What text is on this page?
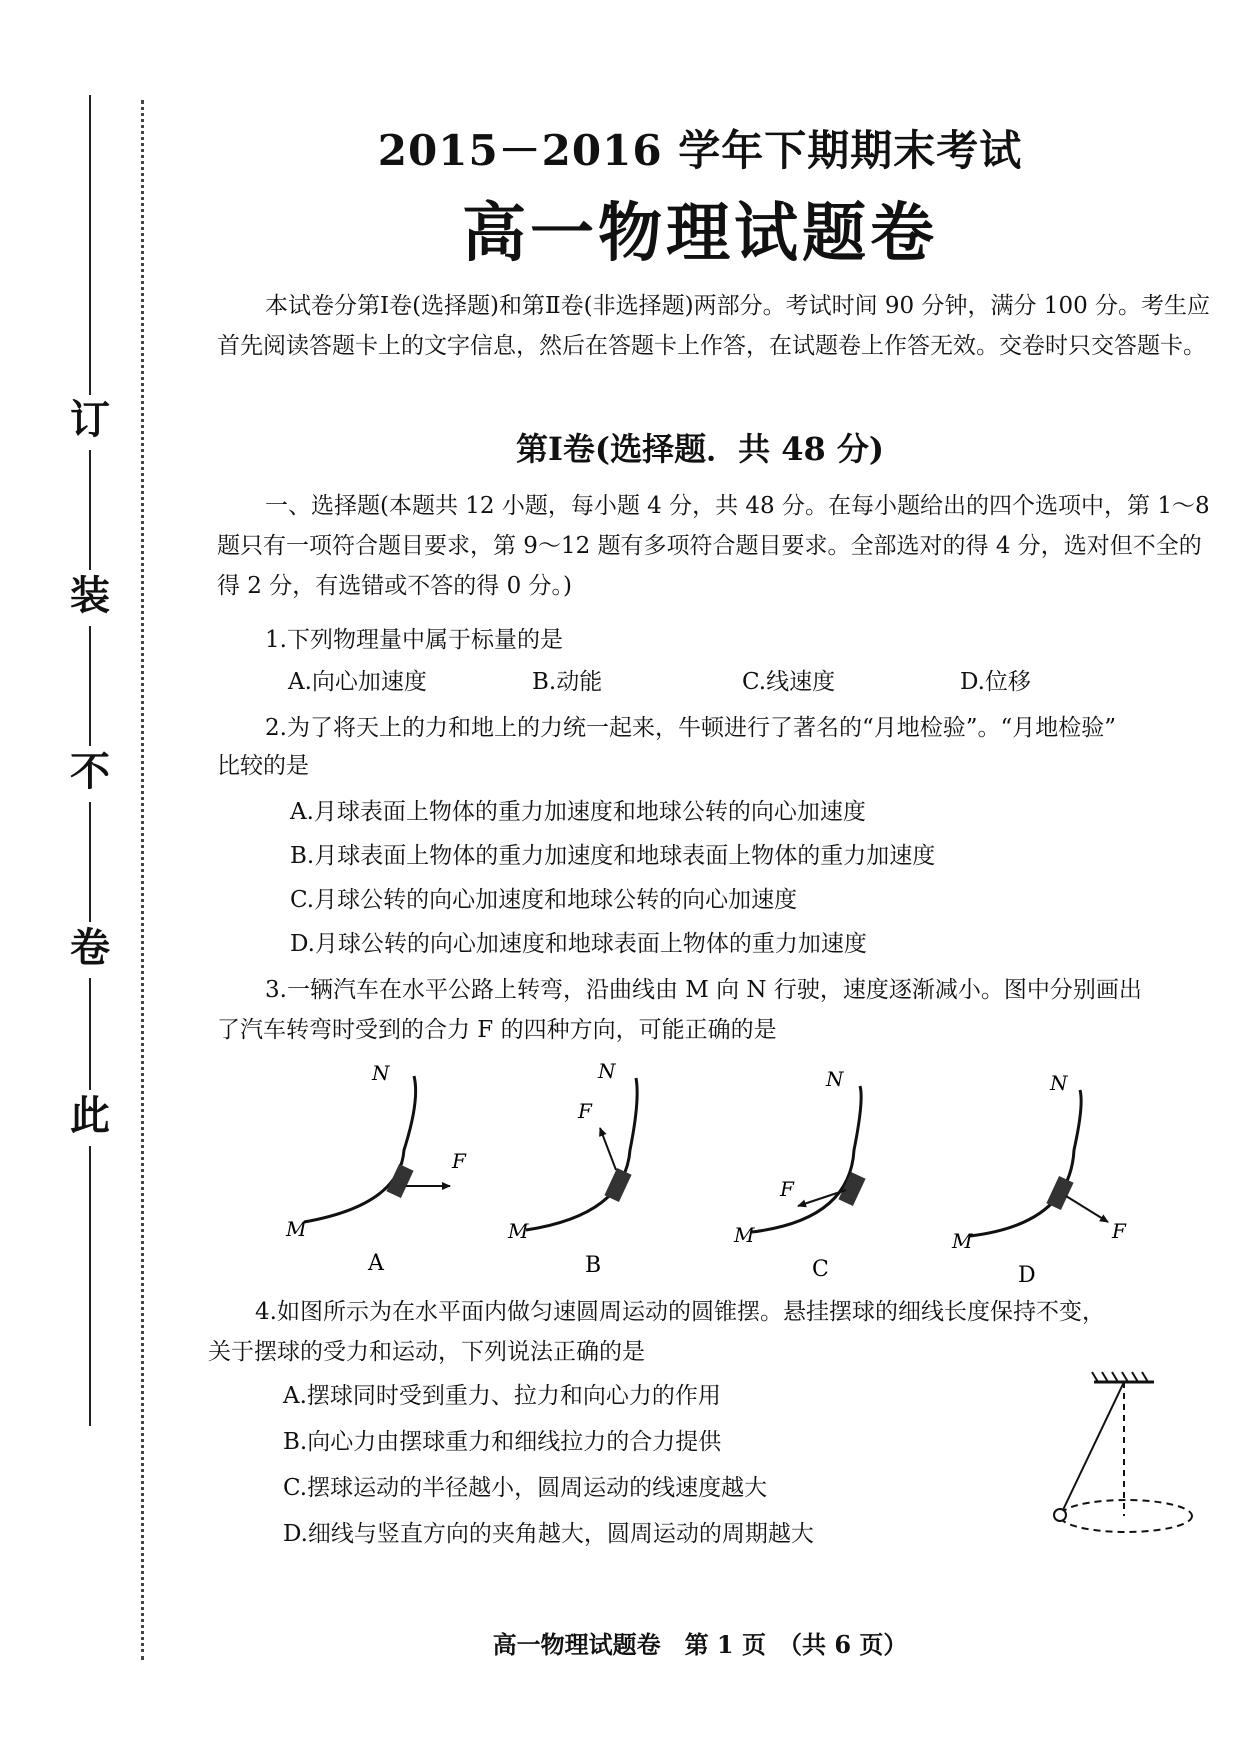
订
装
不
卷
此
2015－2016 学年下期期末考试
高一物理试题卷

本试卷分第Ⅰ卷(选择题)和第Ⅱ卷(非选择题)两部分。考试时间 90 分钟，满分 100 分。考生应首先阅读答题卡上的文字信息，然后在答题卡上作答，在试题卷上作答无效。交卷时只交答题卡。

第Ⅰ卷(选择题．共 48 分)

一、选择题(本题共 12 小题，每小题 4 分，共 48 分。在每小题给出的四个选项中，第 1～8 题只有一项符合题目要求，第 9～12 题有多项符合题目要求。全部选对的得 4 分，选对但不全的得 2 分，有选错或不答的得 0 分。)

1.下列物理量中属于标量的是
A.向心加速度	B.动能	C.线速度	D.位移
2.为了将天上的力和地上的力统一起来，牛顿进行了著名的“月地检验”。“月地检验”
比较的是
A.月球表面上物体的重力加速度和地球公转的向心加速度
B.月球表面上物体的重力加速度和地球表面上物体的重力加速度
C.月球公转的向心加速度和地球公转的向心加速度
D.月球公转的向心加速度和地球表面上物体的重力加速度
3.一辆汽车在水平公路上转弯，沿曲线由 M 向 N 行驶，速度逐渐减小。图中分别画出
了汽车转弯时受到的合力 F 的四种方向，可能正确的是
M
N
F
A
M
N
F
B
M
N
F
C
M
N
F
D
4.如图所示为在水平面内做匀速圆周运动的圆锥摆。悬挂摆球的细线长度保持不变，
关于摆球的受力和运动，下列说法正确的是
A.摆球同时受到重力、拉力和向心力的作用
B.向心力由摆球重力和细线拉力的合力提供
C.摆球运动的半径越小，圆周运动的线速度越大
D.细线与竖直方向的夹角越大，圆周运动的周期越大
高一物理试题卷　第 1 页　（共 6 页）
